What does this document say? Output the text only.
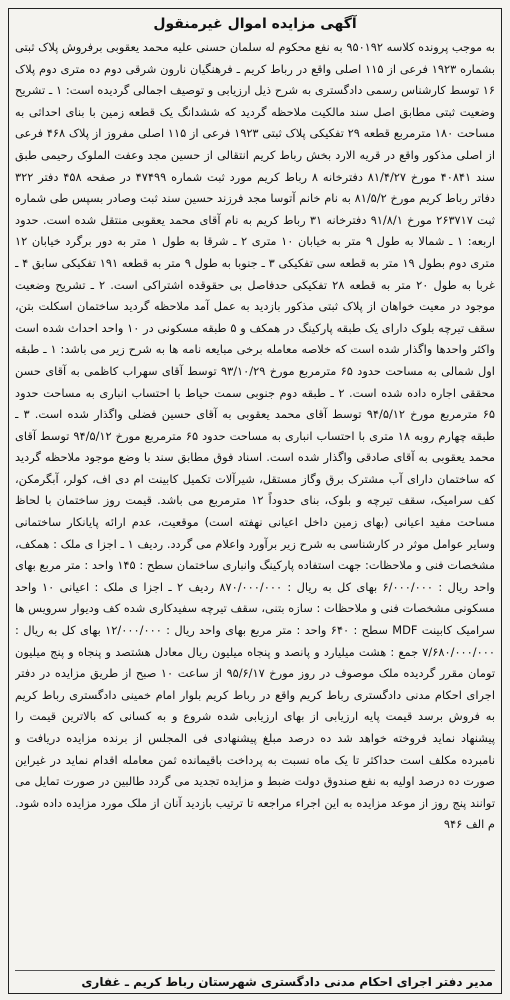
آگهی مزایده اموال غیرمنقول

به موجب پرونده کلاسه ۹۵۰۱۹۲ به نفع محکوم له سلمان حسنی علیه محمد یعقوبی برفروش پلاک ثبتی بشماره ۱۹۲۳ فرعی از ۱۱۵ اصلی واقع در رباط کریم ـ فرهنگیان نارون شرقی دوم ده متری دوم پلاک ۱۶ توسط کارشناس رسمی دادگستری به شرح ذیل ارزیابی و توصیف اجمالی گردیده است: ۱ ـ تشریح وضعیت ثبتی مطابق اصل سند مالکیت ملاحظه گردید که ششدانگ یک قطعه زمین با بنای احداثی به مساحت ۱۸۰ مترمربع قطعه ۲۹ تفکیکی پلاک ثبتی ۱۹۲۳ فرعی از ۱۱۵ اصلی مفروز از پلاک ۴۶۸ فرعی از اصلی مذکور واقع در قریه الارد بخش رباط کریم انتقالی از حسین مجد وعفت الملوک رحیمی طبق سند ۴۰۸۴۱ مورخ ۸۱/۴/۲۷ دفترخانه ۸ رباط کریم مورد ثبت شماره ۴۷۴۹۹ در صفحه ۴۵۸ دفتر ۳۲۲ دفاتر رباط کریم مورخ ۸۱/۵/۲ به نام خانم آتوسا مجد فرزند حسین سند ثبت وصادر بسپس طی شماره ثبت ۲۶۳۷۱۷ مورخ ۹۱/۸/۱ دفترخانه ۳۱ رباط کریم به نام آقای محمد یعقوبی منتقل شده است. حدود اربعه: ۱ ـ شمالا به طول ۹ متر به خیابان ۱۰ متری ۲ ـ شرقا به طول ۱ متر به دور برگرد خیابان ۱۲ متری دوم بطول ۱۹ متر به قطعه سی تفکیکی ۳ ـ جنوبا به طول ۹ متر به قطعه ۱۹۱ تفکیکی سابق ۴ ـ غربا به طول ۲۰ متر به قطعه ۲۸ تفکیکی حدفاصل بی حقوقده اشتراکی است. ۲ ـ تشریح وضعیت موجود در معیت خواهان از پلاک ثبتی مذکور بازدید به عمل آمد ملاحظه گردید ساختمان اسکلت بتن، سقف تیرچه بلوک دارای یک طبقه پارکینگ در همکف و ۵ طبقه مسکونی در ۱۰ واحد احداث شده است واکثر واحدها واگذار شده است که خلاصه معامله برخی مبایعه نامه ها به شرح زیر می باشد: ۱ ـ طبقه اول شمالی به مساحت حدود ۶۵ مترمربع مورخ ۹۳/۱۰/۲۹ توسط آقای سهراب کاظمی به آقای حسن محققی اجاره داده شده است. ۲ ـ طبقه دوم جنوبی سمت حیاط با احتساب انباری به مساحت حدود ۶۵ مترمربع مورخ ۹۴/۵/۱۲ توسط آقای محمد یعقوبی به آقای حسین فضلی واگذار شده است. ۳ ـ طبقه چهارم روبه ۱۸ متری با احتساب انباری به مساحت حدود ۶۵ مترمربع مورخ ۹۴/۵/۱۲ توسط آقای محمد یعقوبی به آقای صادقی واگذار شده است. اسناد فوق مطابق سند با وضع موجود ملاحظه گردید که ساختمان دارای آب مشترک برق وگاز مستقل، شیرآلات تکمیل کابینت ام دی اف، کولر، آبگرمکن، کف سرامیک، سقف تیرچه و بلوک، بنای حدوداً ۱۲ مترمربع می باشد. قیمت روز ساختمان با لحاظ مساحت مفید اعیانی (بهای زمین داخل اعیانی نهفته است) موقعیت، عدم ارائه پایانکار ساختمانی وسایر عوامل موثر در کارشناسی به شرح زیر برآورد واعلام می گردد. ردیف ۱ ـ اجزا ی ملک : همکف، مشخصات فنی و ملاحظات: جهت استفاده پارکینگ وانباری ساختمان سطح : ۱۴۵ واحد : متر مربع بهای واحد ریال : ۶/۰۰۰/۰۰۰ بهای کل به ریال : ۸۷۰/۰۰۰/۰۰۰ ردیف ۲ ـ اجزا ی ملک : اعیانی ۱۰ واحد مسکونی مشخصات فنی و ملاحظات : سازه بتنی، سقف تیرچه سفیدکاری شده کف ودیوار سرویس ها سرامیک کابینت MDF سطح : ۶۴۰ واحد : متر مربع بهای واحد ریال : ۱۲/۰۰۰/۰۰۰ بهای کل به ریال : ۷/۶۸۰/۰۰۰/۰۰۰ جمع : هشت میلیارد و پانصد و پنجاه میلیون ریال معادل هشتصد و پنجاه و پنج میلیون تومان مقرر گردیده ملک موصوف در روز مورخ ۹۵/۶/۱۷ از ساعت ۱۰ صبح از طریق مزایده در دفتر اجرای احکام مدنی دادگستری رباط کریم واقع در رباط کریم بلوار امام خمینی دادگستری رباط کریم به فروش برسد قیمت پایه ارزیابی از بهای ارزیابی شده شروع و به کسانی که بالاترین قیمت را پیشنهاد نماید فروخته خواهد شد ده درصد مبلغ پیشنهادی فی المجلس از برنده مزایده دریافت و نامبرده مکلف است حداکثر تا یک ماه نسبت به پرداخت باقیمانده ثمن معامله اقدام نماید در غیراین صورت ده درصد اولیه به نفع صندوق دولت ضبط و مزایده تجدید می گردد طالبین در صورت تمایل می توانند پنج روز از موعد مزایده به این اجراء مراجعه تا ترتیب بازدید آنان از ملک مورد مزایده داده شود. م الف ۹۴۶

مدیر دفتر اجرای احکام مدنی دادگستری شهرستان رباط کریم ـ غفاری
